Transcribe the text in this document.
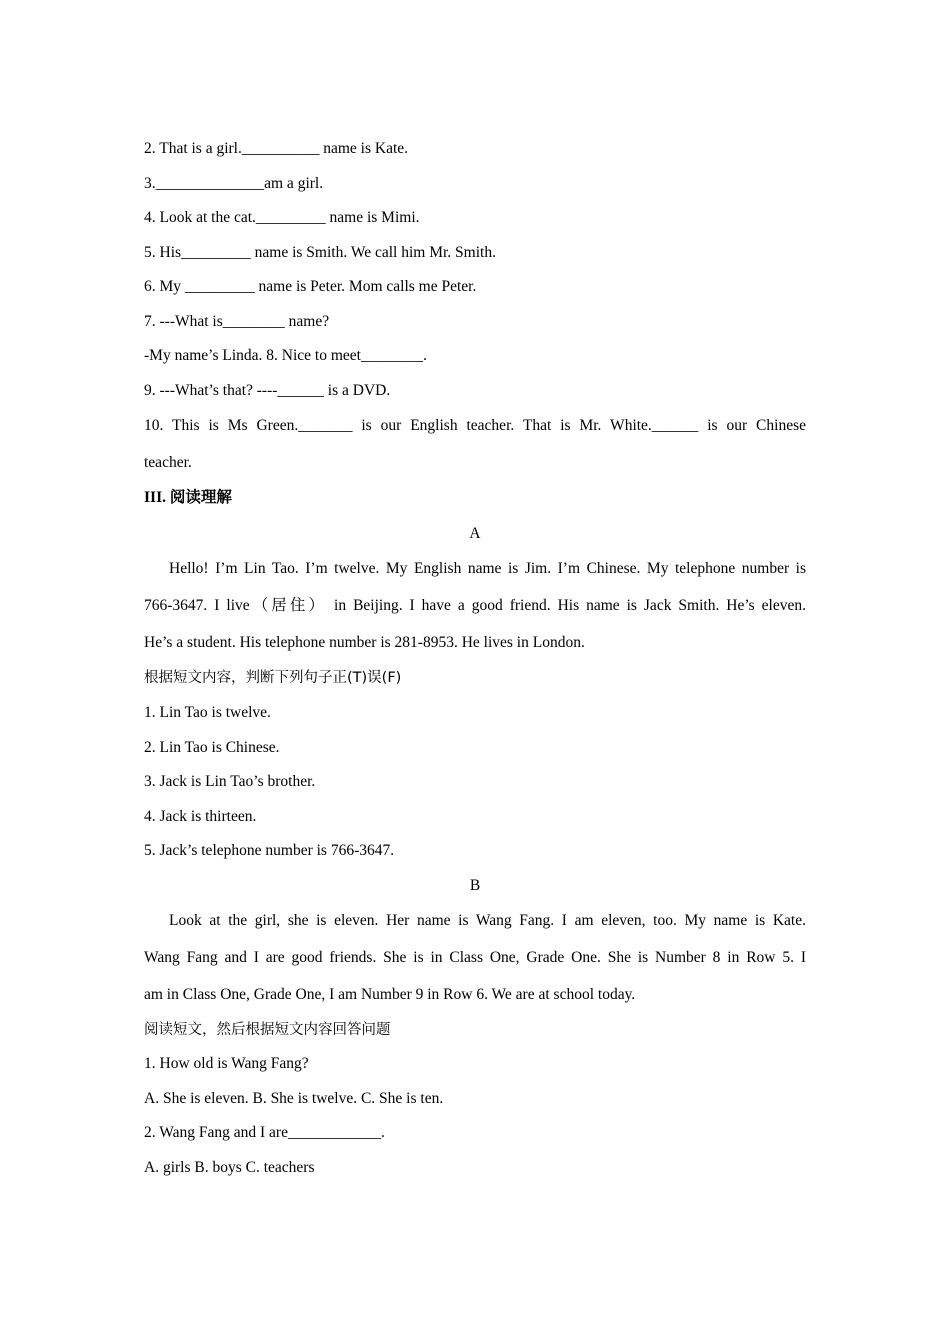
2. That is a girl.__________ name is Kate.
3.______________am a girl.
4. Look at the cat._________ name is Mimi.
5. His_________ name is Smith. We call him Mr. Smith.
6. My _________ name is Peter. Mom calls me Peter.
7. ---What is________ name?
-My name’s Linda. 8. Nice to meet________.
9. ---What’s that? ----______ is a DVD.
10. This is Ms Green._______ is our English teacher. That is Mr. White.______ is our Chinese
teacher.
III. 阅读理解
A
Hello! I’m Lin Tao. I’m twelve. My English name is Jim. I’m Chinese. My telephone number is
766-3647. I live（居住） in Beijing. I have a good friend. His name is Jack Smith. He’s eleven.
He’s a student. His telephone number is 281-8953. He lives in London.
根据短文内容，判断下列句子正(T)误(F)
1. Lin Tao is twelve.
2. Lin Tao is Chinese.
3. Jack is Lin Tao’s brother.
4. Jack is thirteen.
5. Jack’s telephone number is 766-3647.
B
Look at the girl, she is eleven. Her name is Wang Fang. I am eleven, too. My name is Kate.
Wang Fang and I are good friends. She is in Class One, Grade One. She is Number 8 in Row 5. I
am in Class One, Grade One, I am Number 9 in Row 6. We are at school today.
阅读短文，然后根据短文内容回答问题
1. How old is Wang Fang?
A. She is eleven. B. She is twelve. C. She is ten.
2. Wang Fang and I are____________.
A. girls B. boys C. teachers
